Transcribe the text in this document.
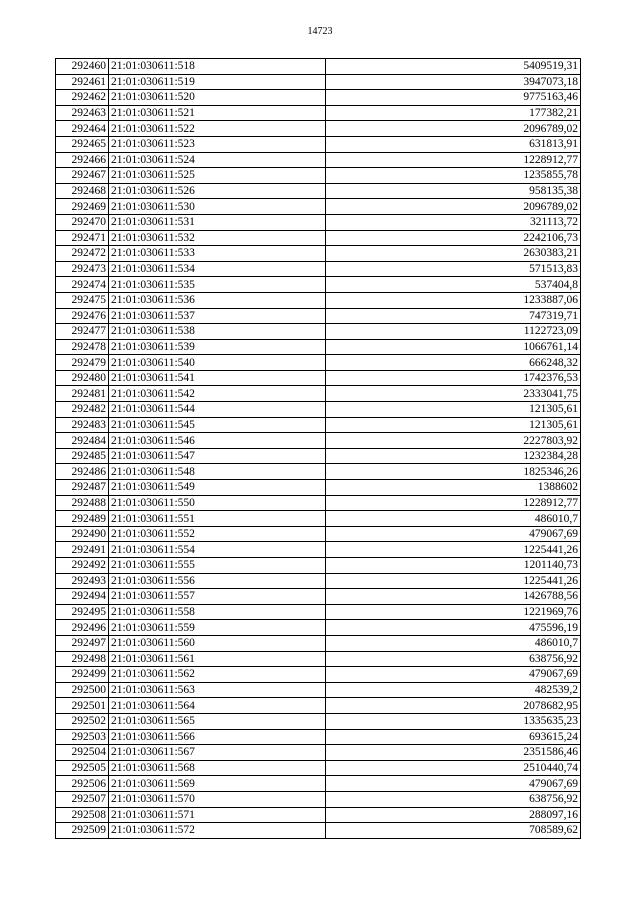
14723
292460	21:01:030611:518	5409519,31
292461	21:01:030611:519	3947073,18
292462	21:01:030611:520	9775163,46
292463	21:01:030611:521	177382,21
292464	21:01:030611:522	2096789,02
292465	21:01:030611:523	631813,91
292466	21:01:030611:524	1228912,77
292467	21:01:030611:525	1235855,78
292468	21:01:030611:526	958135,38
292469	21:01:030611:530	2096789,02
292470	21:01:030611:531	321113,72
292471	21:01:030611:532	2242106,73
292472	21:01:030611:533	2630383,21
292473	21:01:030611:534	571513,83
292474	21:01:030611:535	537404,8
292475	21:01:030611:536	1233887,06
292476	21:01:030611:537	747319,71
292477	21:01:030611:538	1122723,09
292478	21:01:030611:539	1066761,14
292479	21:01:030611:540	666248,32
292480	21:01:030611:541	1742376,53
292481	21:01:030611:542	2333041,75
292482	21:01:030611:544	121305,61
292483	21:01:030611:545	121305,61
292484	21:01:030611:546	2227803,92
292485	21:01:030611:547	1232384,28
292486	21:01:030611:548	1825346,26
292487	21:01:030611:549	1388602
292488	21:01:030611:550	1228912,77
292489	21:01:030611:551	486010,7
292490	21:01:030611:552	479067,69
292491	21:01:030611:554	1225441,26
292492	21:01:030611:555	1201140,73
292493	21:01:030611:556	1225441,26
292494	21:01:030611:557	1426788,56
292495	21:01:030611:558	1221969,76
292496	21:01:030611:559	475596,19
292497	21:01:030611:560	486010,7
292498	21:01:030611:561	638756,92
292499	21:01:030611:562	479067,69
292500	21:01:030611:563	482539,2
292501	21:01:030611:564	2078682,95
292502	21:01:030611:565	1335635,23
292503	21:01:030611:566	693615,24
292504	21:01:030611:567	2351586,46
292505	21:01:030611:568	2510440,74
292506	21:01:030611:569	479067,69
292507	21:01:030611:570	638756,92
292508	21:01:030611:571	288097,16
292509	21:01:030611:572	708589,62
